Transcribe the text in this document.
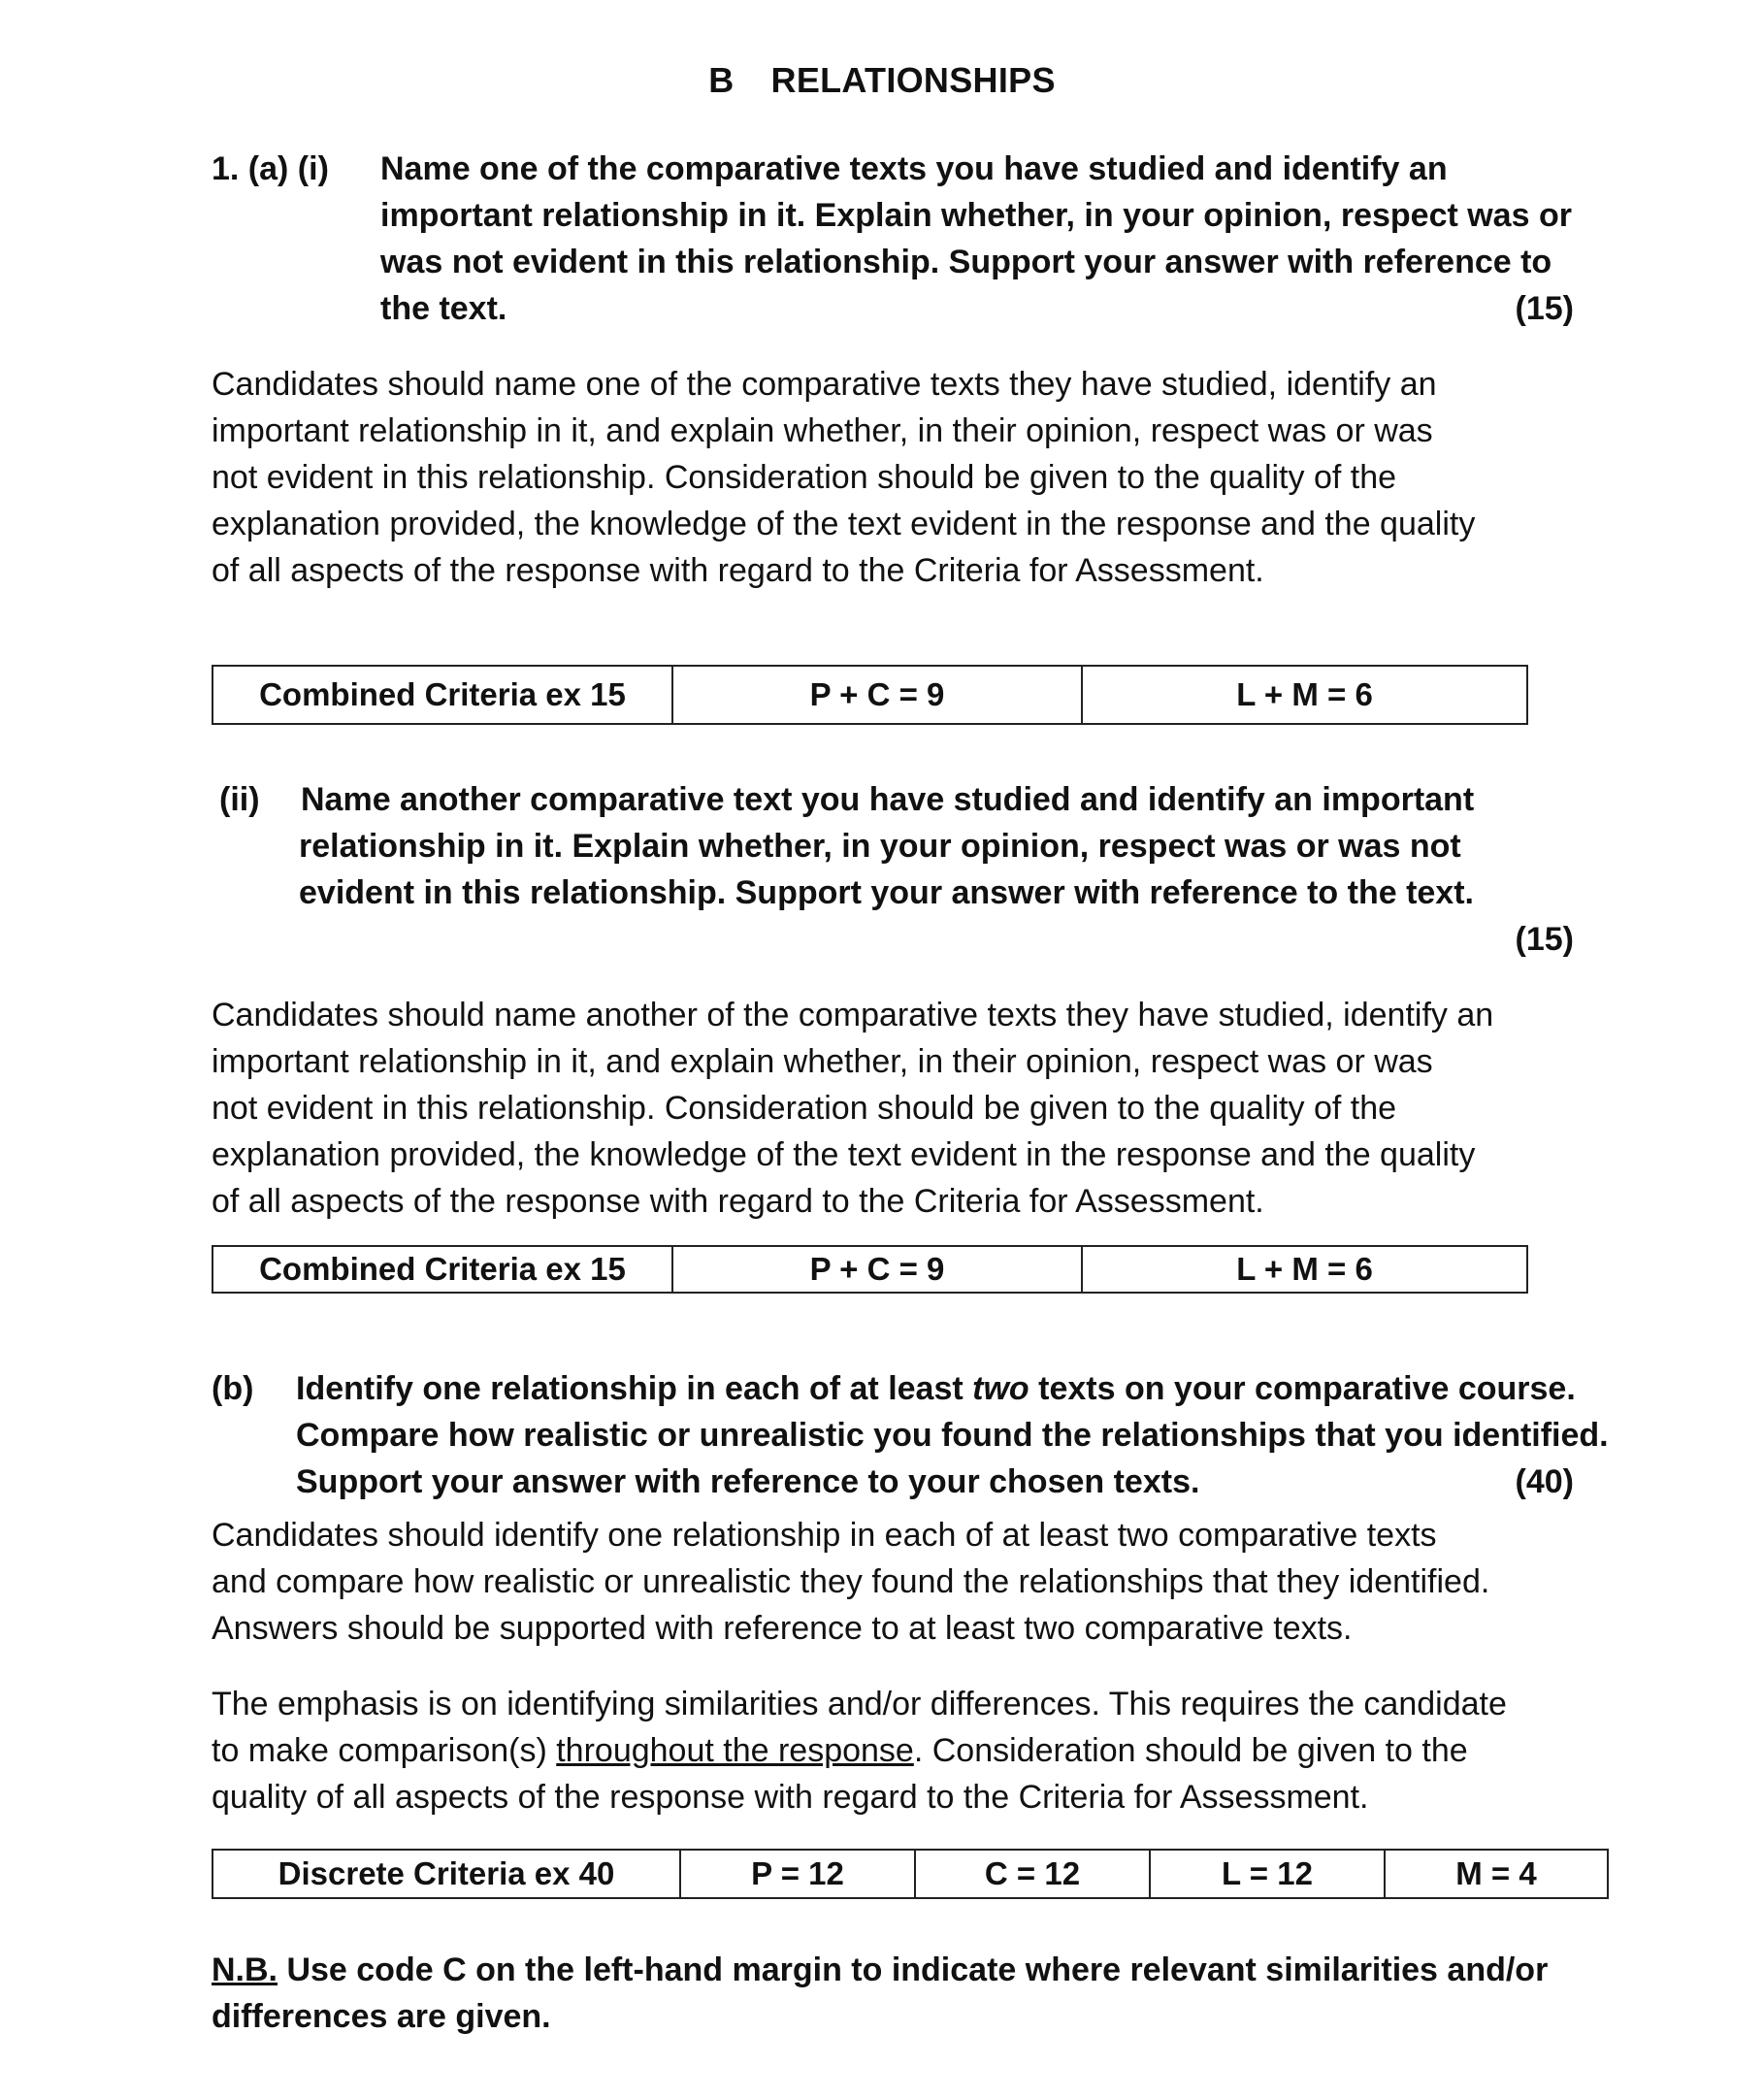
B RELATIONSHIPS
1. (a) (i) Name one of the comparative texts you have studied and identify an
important relationship in it. Explain whether, in your opinion, respect was or
was not evident in this relationship. Support your answer with reference to
the text.	(15)
Candidates should name one of the comparative texts they have studied, identify an
important relationship in it, and explain whether, in their opinion, respect was or was
not evident in this relationship. Consideration should be given to the quality of the
explanation provided, the knowledge of the text evident in the response and the quality
of all aspects of the response with regard to the Criteria for Assessment.
Combined Criteria ex 15	P + C = 9	L + M = 6
(ii) Name another comparative text you have studied and identify an important
relationship in it. Explain whether, in your opinion, respect was or was not
evident in this relationship. Support your answer with reference to the text.
(15)
Candidates should name another of the comparative texts they have studied, identify an
important relationship in it, and explain whether, in their opinion, respect was or was
not evident in this relationship. Consideration should be given to the quality of the
explanation provided, the knowledge of the text evident in the response and the quality
of all aspects of the response with regard to the Criteria for Assessment.
Combined Criteria ex 15	P + C = 9	L + M = 6
(b) Identify one relationship in each of at least two texts on your comparative course.
Compare how realistic or unrealistic you found the relationships that you identified.
Support your answer with reference to your chosen texts.	(40)
Candidates should identify one relationship in each of at least two comparative texts
and compare how realistic or unrealistic they found the relationships that they identified.
Answers should be supported with reference to at least two comparative texts.
The emphasis is on identifying similarities and/or differences. This requires the candidate
to make comparison(s) throughout the response. Consideration should be given to the
quality of all aspects of the response with regard to the Criteria for Assessment.
Discrete Criteria ex 40	P = 12	C = 12	L = 12	M = 4
N.B. Use code C on the left-hand margin to indicate where relevant similarities and/or
differences are given.
